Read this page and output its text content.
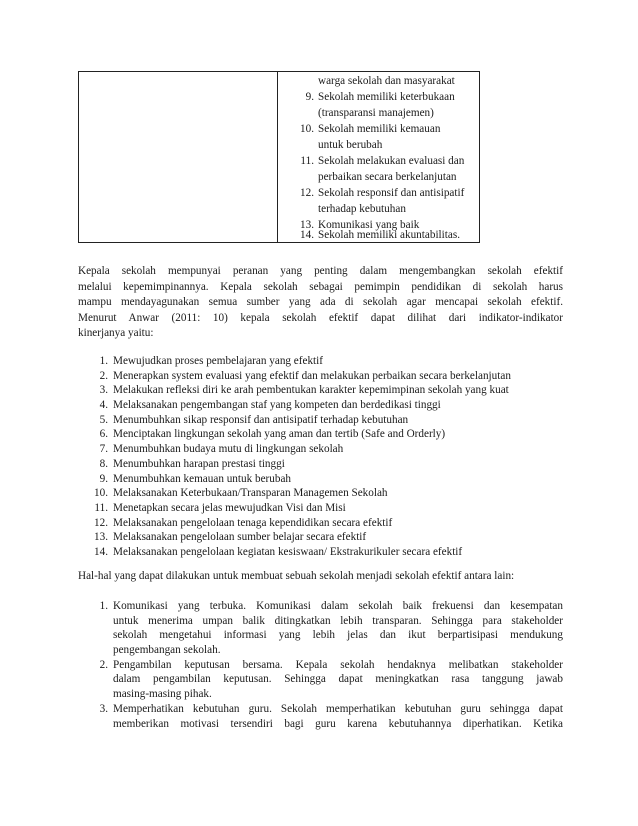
warga sekolah dan masyarakat
9. Sekolah memiliki keterbukaan
(transparansi manajemen)
10. Sekolah memiliki kemauan
untuk berubah
11. Sekolah melakukan evaluasi dan
perbaikan secara berkelanjutan
12. Sekolah responsif dan antisipatif
terhadap kebutuhan
13. Komunikasi yang baik
14. Sekolah memiliki akuntabilitas.
Kepala sekolah mempunyai peranan yang penting dalam mengembangkan sekolah efektif
melalui kepemimpinannya. Kepala sekolah sebagai pemimpin pendidikan di sekolah harus
mampu mendayagunakan semua sumber yang ada di sekolah agar mencapai sekolah efektif.
Menurut Anwar (2011: 10) kepala sekolah efektif dapat dilihat dari indikator-indikator
kinerjanya yaitu:
1. Mewujudkan proses pembelajaran yang efektif
2. Menerapkan system evaluasi yang efektif dan melakukan perbaikan secara berkelanjutan
3. Melakukan refleksi diri ke arah pembentukan karakter kepemimpinan sekolah yang kuat
4. Melaksanakan pengembangan staf yang kompeten dan berdedikasi tinggi
5. Menumbuhkan sikap responsif dan antisipatif terhadap kebutuhan
6. Menciptakan lingkungan sekolah yang aman dan tertib (Safe and Orderly)
7. Menumbuhkan budaya mutu di lingkungan sekolah
8. Menumbuhkan harapan prestasi tinggi
9. Menumbuhkan kemauan untuk berubah
10. Melaksanakan Keterbukaan/Transparan Managemen Sekolah
11. Menetapkan secara jelas mewujudkan Visi dan Misi
12. Melaksanakan pengelolaan tenaga kependidikan secara efektif
13. Melaksanakan pengelolaan sumber belajar secara efektif
14. Melaksanakan pengelolaan kegiatan kesiswaan/ Ekstrakurikuler secara efektif
Hal-hal yang dapat dilakukan untuk membuat sebuah sekolah menjadi sekolah efektif antara lain:
1. Komunikasi yang terbuka. Komunikasi dalam sekolah baik frekuensi dan kesempatan
untuk menerima umpan balik ditingkatkan lebih transparan. Sehingga para stakeholder
sekolah mengetahui informasi yang lebih jelas dan ikut berpartisipasi mendukung
pengembangan sekolah.
2. Pengambilan keputusan bersama. Kepala sekolah hendaknya melibatkan stakeholder
dalam pengambilan keputusan. Sehingga dapat meningkatkan rasa tanggung jawab
masing-masing pihak.
3. Memperhatikan kebutuhan guru. Sekolah memperhatikan kebutuhan guru sehingga dapat
memberikan motivasi tersendiri bagi guru karena kebutuhannya diperhatikan. Ketika
